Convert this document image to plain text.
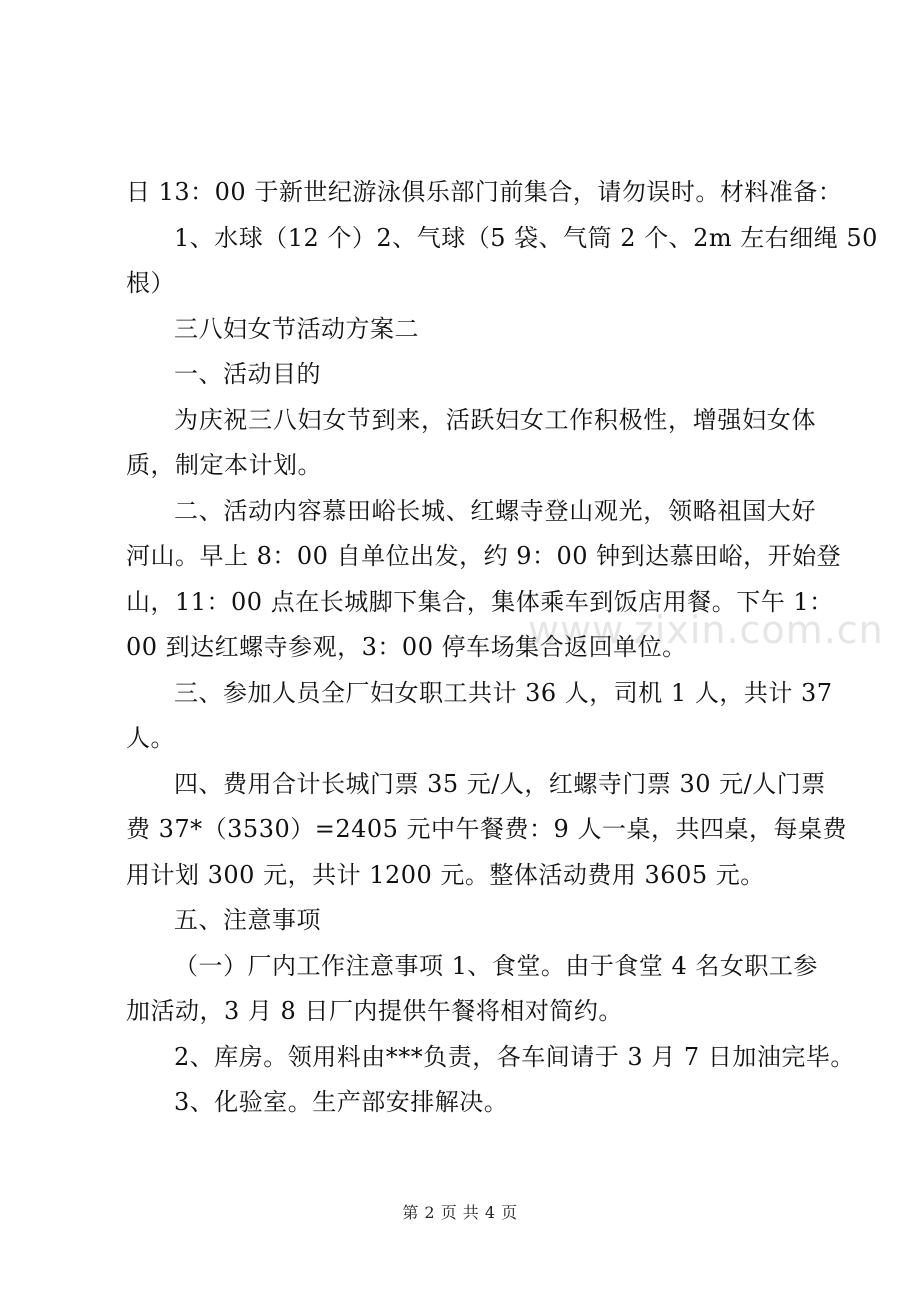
www.zixin.com.cn
日 13：00 于新世纪游泳俱乐部门前集合，请勿误时。材料准备：
1、水球（12 个）2、气球（5 袋、气筒 2 个、2m 左右细绳 50
根）
三八妇女节活动方案二
一、活动目的
为庆祝三八妇女节到来，活跃妇女工作积极性，增强妇女体
质，制定本计划。
二、活动内容慕田峪长城、红螺寺登山观光，领略祖国大好
河山。早上 8：00 自单位出发，约 9：00 钟到达慕田峪，开始登
山，11：00 点在长城脚下集合，集体乘车到饭店用餐。下午 1：
00 到达红螺寺参观，3：00 停车场集合返回单位。
三、参加人员全厂妇女职工共计 36 人，司机 1 人，共计 37
人。
四、费用合计长城门票 35 元/人，红螺寺门票 30 元/人门票
费 37*（3530）=2405 元中午餐费：9 人一桌，共四桌，每桌费
用计划 300 元，共计 1200 元。整体活动费用 3605 元。
五、注意事项
（一）厂内工作注意事项 1、食堂。由于食堂 4 名女职工参
加活动，3 月 8 日厂内提供午餐将相对简约。
2、库房。领用料由***负责，各车间请于 3 月 7 日加油完毕。
3、化验室。生产部安排解决。
第 2 页 共 4 页
